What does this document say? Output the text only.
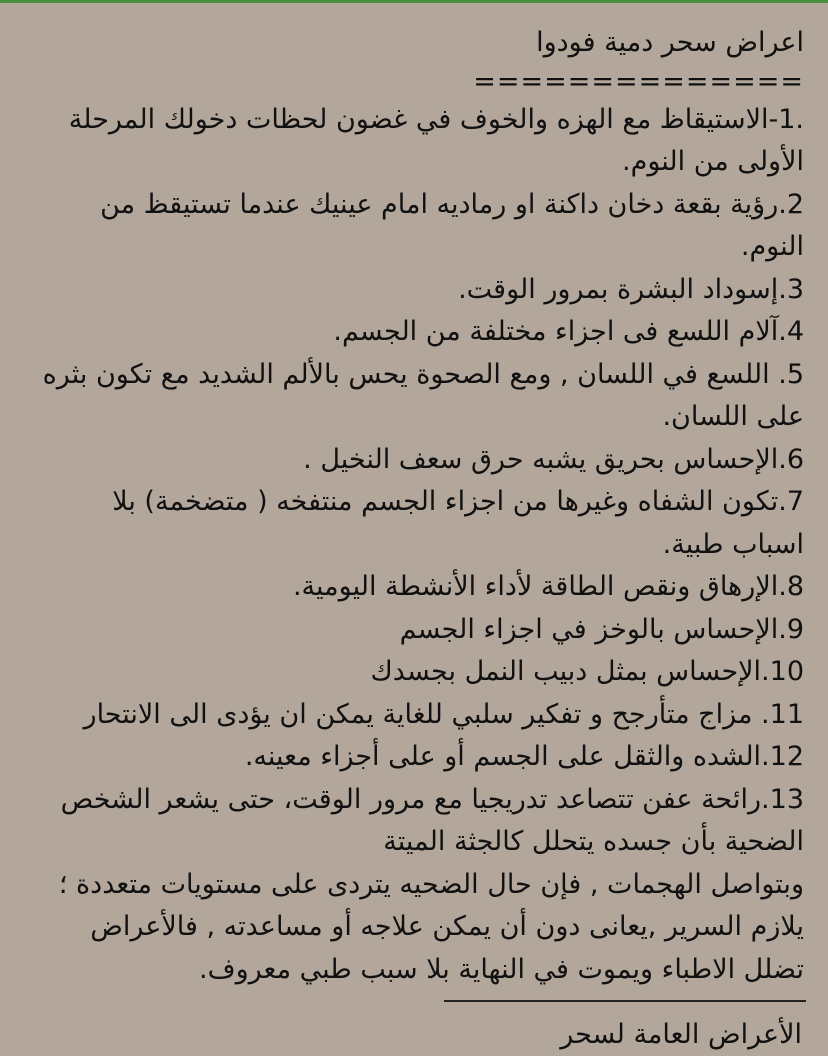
اعراض سحر دمية فودوا
==============
.1-الاستيقاظ مع الهزه والخوف في غضون لحظات دخولك المرحلة
الأولى من النوم.
2.رؤية بقعة دخان داكنة او رماديه امام عينيك عندما تستيقظ من
النوم.
3.إسوداد البشرة بمرور الوقت.
4.آلام اللسع فى اجزاء مختلفة من الجسم.
5. اللسع في اللسان , ومع الصحوة يحس بالألم الشديد مع تكون بثره
على اللسان.
6.الإحساس بحريق يشبه حرق سعف النخيل .
7.تكون الشفاه وغيرها من اجزاء الجسم منتفخه ( متضخمة) بلا
اسباب طبية.
8.الإرهاق ونقص الطاقة لأداء الأنشطة اليومية.
9.الإحساس بالوخز في اجزاء الجسم
10.الإحساس بمثل دبيب النمل بجسدك
11. مزاج متأرجح و تفكير سلبي للغاية يمكن ان يؤدى الى الانتحار
12.الشده والثقل على الجسم أو على أجزاء معينه.
13.رائحة عفن تتصاعد تدريجيا مع مرور الوقت، حتى يشعر الشخص
الضحية بأن جسده يتحلل كالجثة الميتة
وبتواصل الهجمات , فإن حال الضحيه يتردى على مستويات متعددة ؛
يلازم السرير ,يعانى دون أن يمكن علاجه أو مساعدته , فالأعراض
تضلل الاطباء ويموت في النهاية بلا سبب طبي معروف.
الأعراض العامة لسحر
